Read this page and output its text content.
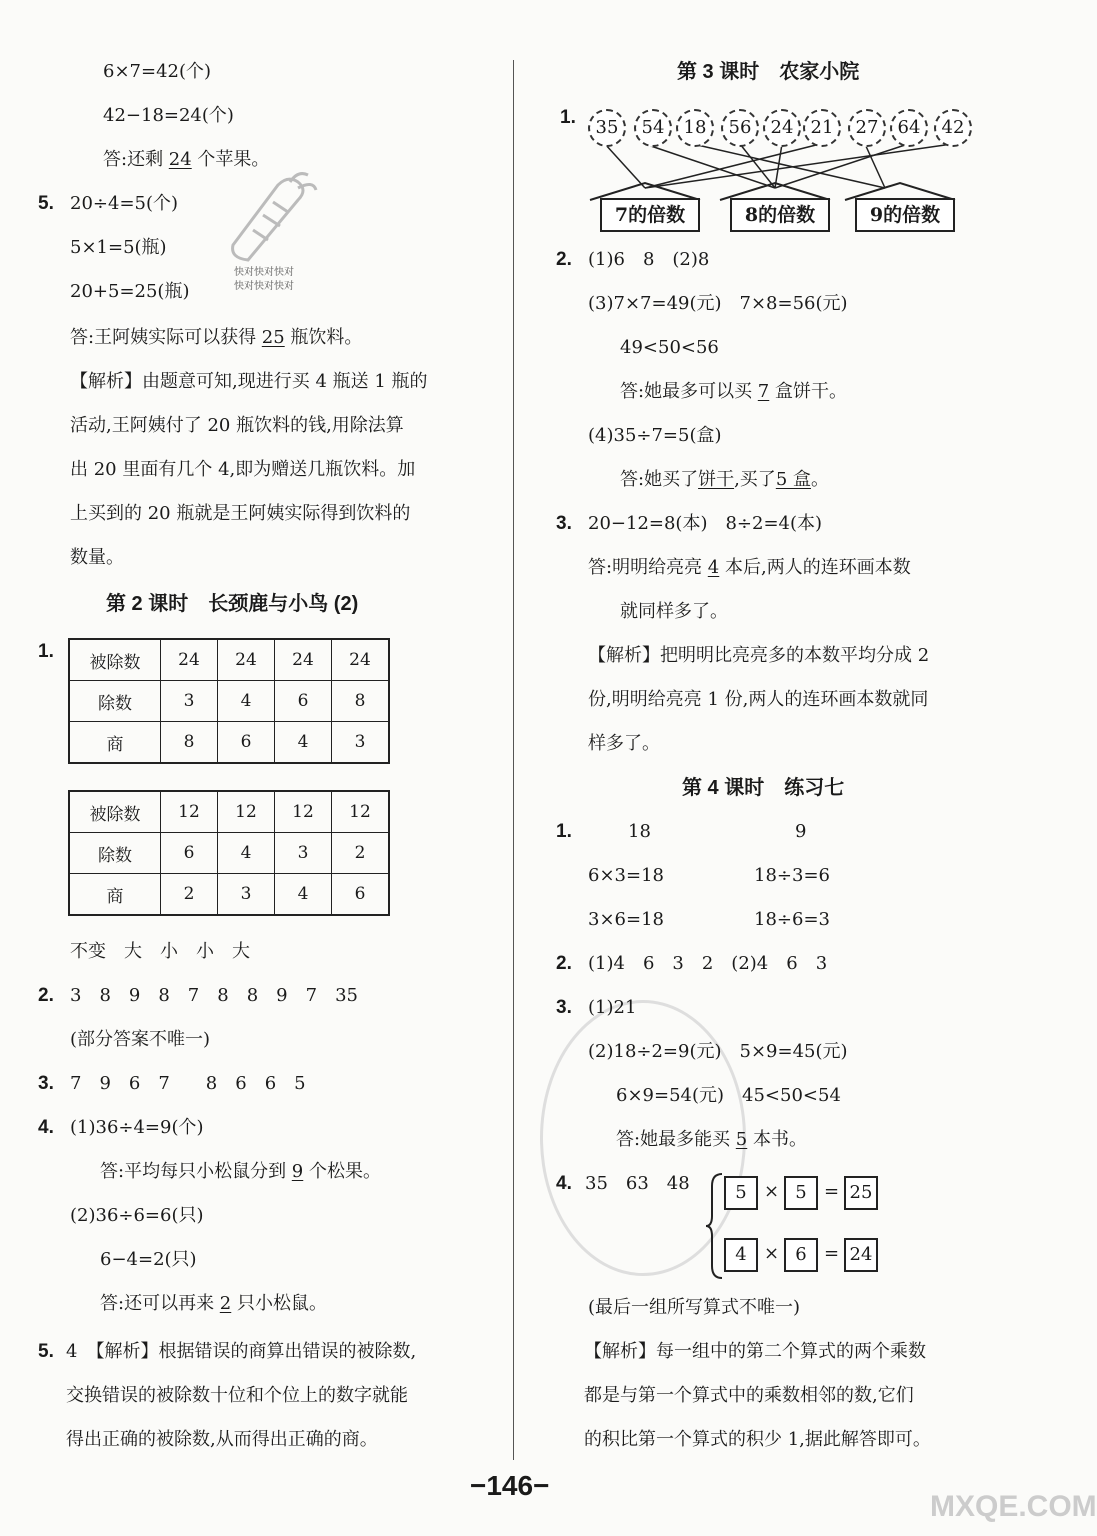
6×7=42(个)
42−18=24(个)
答:还剩 24 个苹果。
5. 20÷4=5(个)
5×1=5(瓶)
20+5=25(瓶)
快对快对快对
快对快对快对
答:王阿姨实际可以获得 25 瓶饮料。
【解析】由题意可知,现进行买 4 瓶送 1 瓶的
活动,王阿姨付了 20 瓶饮料的钱,用除法算
出 20 里面有几个 4,即为赠送几瓶饮料。加
上买到的 20 瓶就是王阿姨实际得到饮料的
数量。
第 2 课时　长颈鹿与小鸟 (2)
1.
被除数	24	24	24	24
除数	3	4	6	8
商	8	6	4	3
被除数	12	12	12	12
除数	6	4	3	2
商	2	3	4	6
不变　大　小　小　大
2. 3　8　9　8　7　8　8　9　7　35
(部分答案不唯一)
3. 7　9　6　7　　8　6　6　5
4. (1)36÷4=9(个)
答:平均每只小松鼠分到 9 个松果。
(2)36÷6=6(只)
6−4=2(只)
答:还可以再来 2 只小松鼠。
5. 4　【解析】根据错误的商算出错误的被除数,
交换错误的被除数十位和个位上的数字就能
得出正确的被除数,从而得出正确的商。
第 3 课时　农家小院
1.	35	54	18	56	24 21	27	64	42
7的倍数	8的倍数	9的倍数
2. (1)6　8　(2)8
(3)7×7=49(元)　7×8=56(元)
49<50<56
答:她最多可以买 7 盒饼干。
(4)35÷7=5(盒)
答:她买了饼干,买了5 盒。
3. 20−12=8(本)　8÷2=4(本)
答:明明给亮亮 4 本后,两人的连环画本数
就同样多了。
【解析】把明明比亮亮多的本数平均分成 2
份,明明给亮亮 1 份,两人的连环画本数就同
样多了。
第 4 课时　练习七
1.	18	9
6×3=18	18÷3=6
3×6=18	18÷6=3
2. (1)4　6　3　2　(2)4　6　3
3. (1)21
(2)18÷2=9(元)　5×9=45(元)
6×9=54(元)　45<50<54
答:她最多能买 5 本书。
4. 35　63　48	5 × 5 = 25
4 × 6 = 24
(最后一组所写算式不唯一)
【解析】每一组中的第二个算式的两个乘数
都是与第一个算式中的乘数相邻的数,它们
的积比第一个算式的积少 1,据此解答即可。
−146−
MXQE.COM
